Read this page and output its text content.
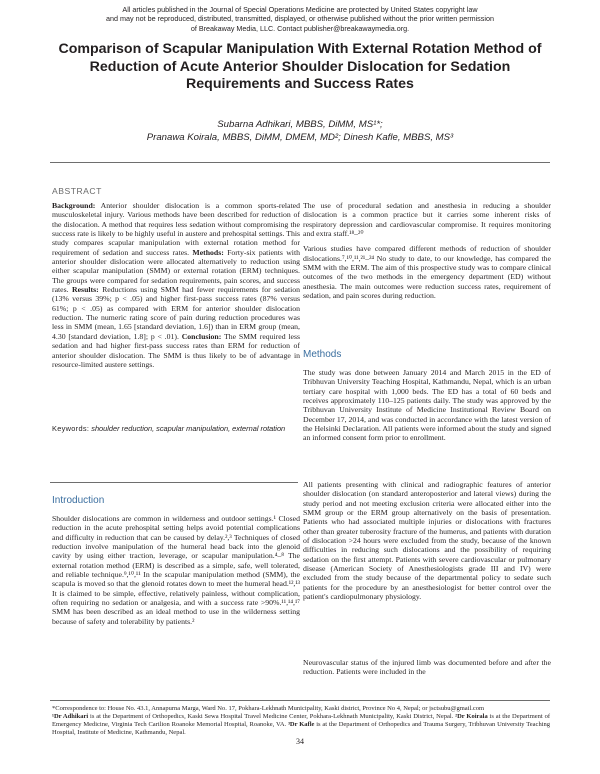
All articles published in the Journal of Special Operations Medicine are protected by United States copyright law
and may not be reproduced, distributed, transmitted, displayed, or otherwise published without the prior written permission
of Breakaway Media, LLC. Contact publisher@breakawaymedia.org.
Comparison of Scapular Manipulation With External Rotation Method of Reduction of Acute Anterior Shoulder Dislocation for Sedation Requirements and Success Rates
Subarna Adhikari, MBBS, DiMM, MS¹*;
Pranawa Koirala, MBBS, DiMM, DMEM, MD²; Dinesh Kafle, MBBS, MS³
ABSTRACT

Background: Anterior shoulder dislocation is a common sports-related musculoskeletal injury. Various methods have been described for reduction of the dislocation. A method that requires less sedation without compromising the success rate is likely to be highly useful in austere and prehospital settings. This study compares scapular manipulation with external rotation method for requirement of sedation and success rates. Methods: Forty-six patients with anterior shoulder dislocation were allocated alternatively to reduction using either scapular manipulation (SMM) or external rotation (ERM) techniques. The groups were compared for sedation requirements, pain scores, and success rates. Results: Reductions using SMM had fewer requirements for sedation (13% versus 39%; p < .05) and higher first-pass success rates (87% versus 61%; p < .05) as compared with ERM for anterior shoulder dislocation reduction. The numeric rating score of pain during reduction procedures was less in SMM (mean, 1.65 [standard deviation, 1.6]) than in ERM group (mean, 4.30 [standard deviation, 1.8]; p < .01). Conclusion: The SMM required less sedation and had higher first-pass success rates than ERM for reduction of anterior shoulder dislocation. The SMM is thus likely to be of advantage in resource-limited austere settings.

Keywords: shoulder reduction, scapular manipulation, external rotation
Introduction
Shoulder dislocations are common in wilderness and outdoor settings.¹ Closed reduction in the acute prehospital setting helps avoid potential complications and difficulty in reduction that can be caused by delay.²,³ Techniques of closed reduction involve manipulation of the humeral head back into the glenoid cavity by using either traction, leverage, or scapular manipulation.⁴–⁸ The external rotation method (ERM) is described as a simple, safe, well tolerated, and reliable technique.⁹,¹⁰,¹¹ In the scapular manipulation method (SMM), the scapula is moved so that the glenoid rotates down to meet the humeral head.¹²,¹³ It is claimed to be simple, effective, relatively painless, without complication, often requiring no sedation or analgesia, and with a success rate >90%.¹¹,¹⁴,¹⁷ SMM has been described as an ideal method to use in the wilderness setting because of safety and tolerability by patients.²

The use of procedural sedation and anesthesia in reducing a shoulder dislocation is a common practice but it carries some inherent risks of respiratory depression and cardiovascular compromise. It requires monitoring and extra staff.¹⁸–²⁰

Various studies have compared different methods of reduction of shoulder dislocations.⁷,¹⁰,¹¹,²¹–²⁴ No study to date, to our knowledge, has compared the SMM with the ERM. The aim of this prospective study was to compare clinical outcomes of the two methods in the emergency department (ED) without anesthesia. The main outcomes were reduction success rates, requirement of sedation, and pain scores during reduction.

Methods

The study was done between January 2014 and March 2015 in the ED of Tribhuvan University Teaching Hospital, Kathmandu, Nepal, which is an urban tertiary care hospital with 1,000 beds. The ED has a total of 60 beds and receives approximately 110–125 patients daily. The study was approved by the Tribhuvan University Institute of Medicine Institutional Review Board on December 17, 2014, and was conducted in accordance with the latest version of the Helsinki Declaration. All patients were informed about the study and signed an informed consent form prior to enrollment.

All patients presenting with clinical and radiographic features of anterior shoulder dislocation (on standard anteroposterior and lateral views) during the study period and not meeting exclusion criteria were allocated either into the SMM group or the ERM group alternatively on the basis of presentation. Patients who had associated multiple injuries or dislocations with fractures other than greater tuberosity fracture of the humerus, and patients with duration of dislocation >24 hours were excluded from the study, because of the known difficulties in reducing such dislocations and the possibility of requiring sedation on the first attempt. Patients with severe cardiovascular or pulmonary disease (American Society of Anesthesiologists grade III and IV) were excluded from the study because of the departmental policy to sedate such patients for the procedure by an anesthesiologist for better control over the patient's cardiopulmonary physiology.

Neurovascular status of the injured limb was documented before and after the reduction. Patients were included in the

*Correspondence to: House No. 43.1, Annapurna Marga, Ward No. 17, Pokhara-Lekhnath Municipality, Kaski district, Province No 4, Nepal; or jsctsubu@gmail.com

¹Dr Adhikari is at the Department of Orthopedics, Kaski Sewa Hospital Travel Medicine Center, Pokhara-Lekhnath Municipality, Kaski District, Nepal. ²Dr Koirala is at the Department of Emergency Medicine, Virginia Tech Carilion Roanoke Memorial Hospital, Roanoke, VA. ³Dr Kafle is at the Department of Orthopedics and Trauma Surgery, Tribhuvan University Teaching Hospital, Institute of Medicine, Kathmandu, Nepal.

34
